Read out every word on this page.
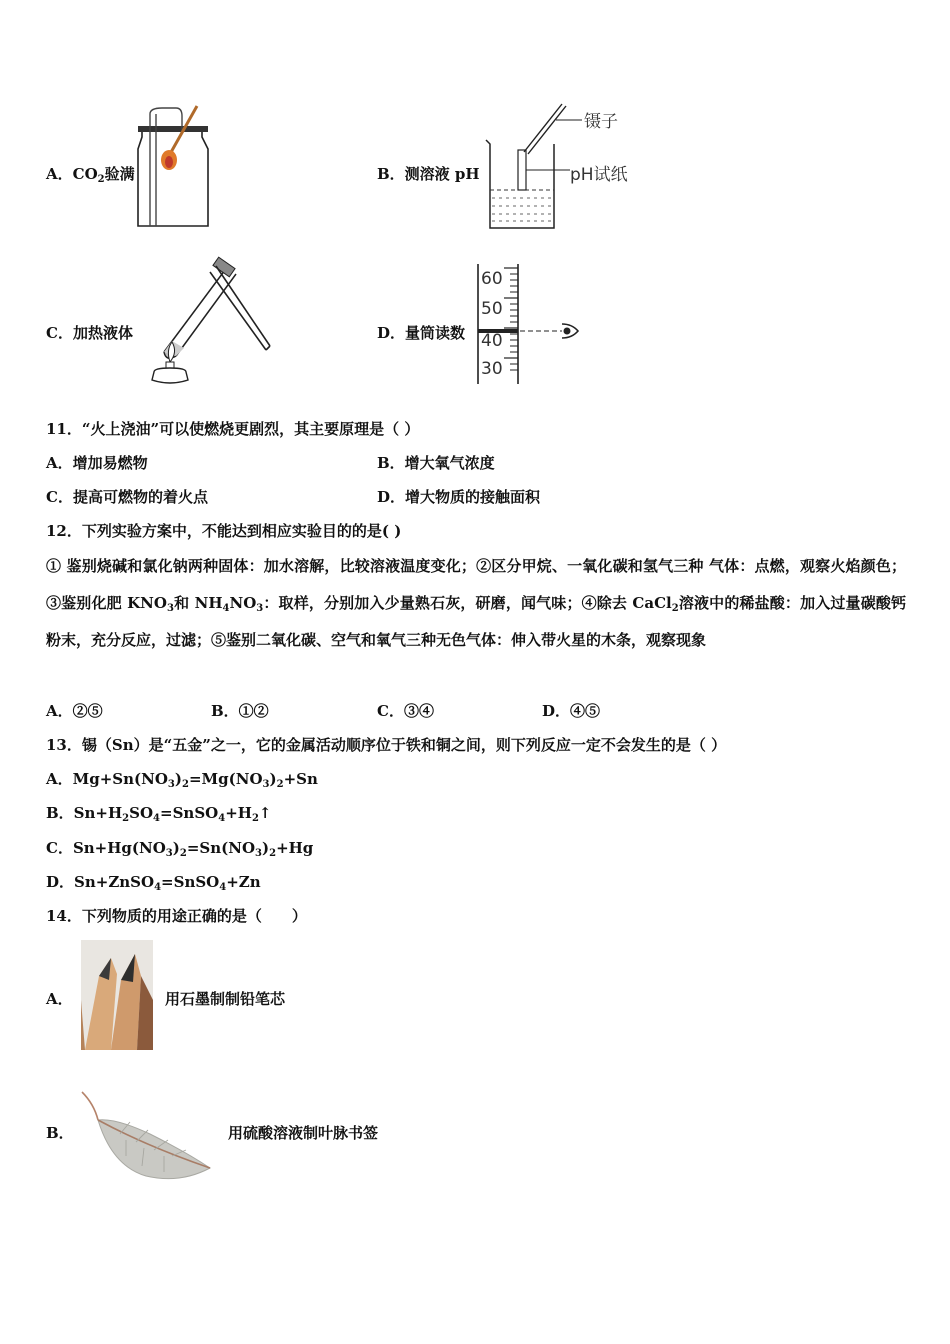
A．$CO_2$验满	B．测溶液 pH
镊子
pH试纸
C．加热液体	D．量筒读数
60
50
40
30
11．“火上浇油”可以使燃烧更剧烈，其主要原理是（ ）
A．增加易燃物	B．增大氧气浓度
C．提高可燃物的着火点	D．增大物质的接触面积
12．下列实验方案中，不能达到相应实验目的的是( )
① 鉴别烧碱和氯化钠两种固体：加水溶解，比较溶液温度变化；②区分甲烷、一氧化碳和氢气三种 气体：点燃，观察火焰颜色；③鉴别化肥 $KNO_3$和 $NH_4NO_3$：取样，分别加入少量熟石灰，研磨，闻气味；④除去 CaCl$_2$溶液中的稀盐酸：加入过量碳酸钙粉末，充分反应，过滤；⑤鉴别二氧化碳、空气和氧气三种无色气体：伸入带火星的木条，观察现象
A．②⑤	B．①②	C．③④	D．④⑤
13．锡（Sn）是“五金”之一，它的金属活动顺序位于铁和铜之间，则下列反应一定不会发生的是（ ）
A．$Mg+Sn(NO_3)_2=Mg(NO_3)_2+Sn$
B．$Sn+H_2SO_4=SnSO_4+H_2↑$
C．$Sn+Hg(NO_3)_2=Sn(NO_3)_2+Hg$
D．Sn+ZnSO$_4$=SnSO$_4$+Zn
14．下列物质的用途正确的是（　　）
A．	用石墨制制铅笔芯
B．	用硫酸溶液制叶脉书签
